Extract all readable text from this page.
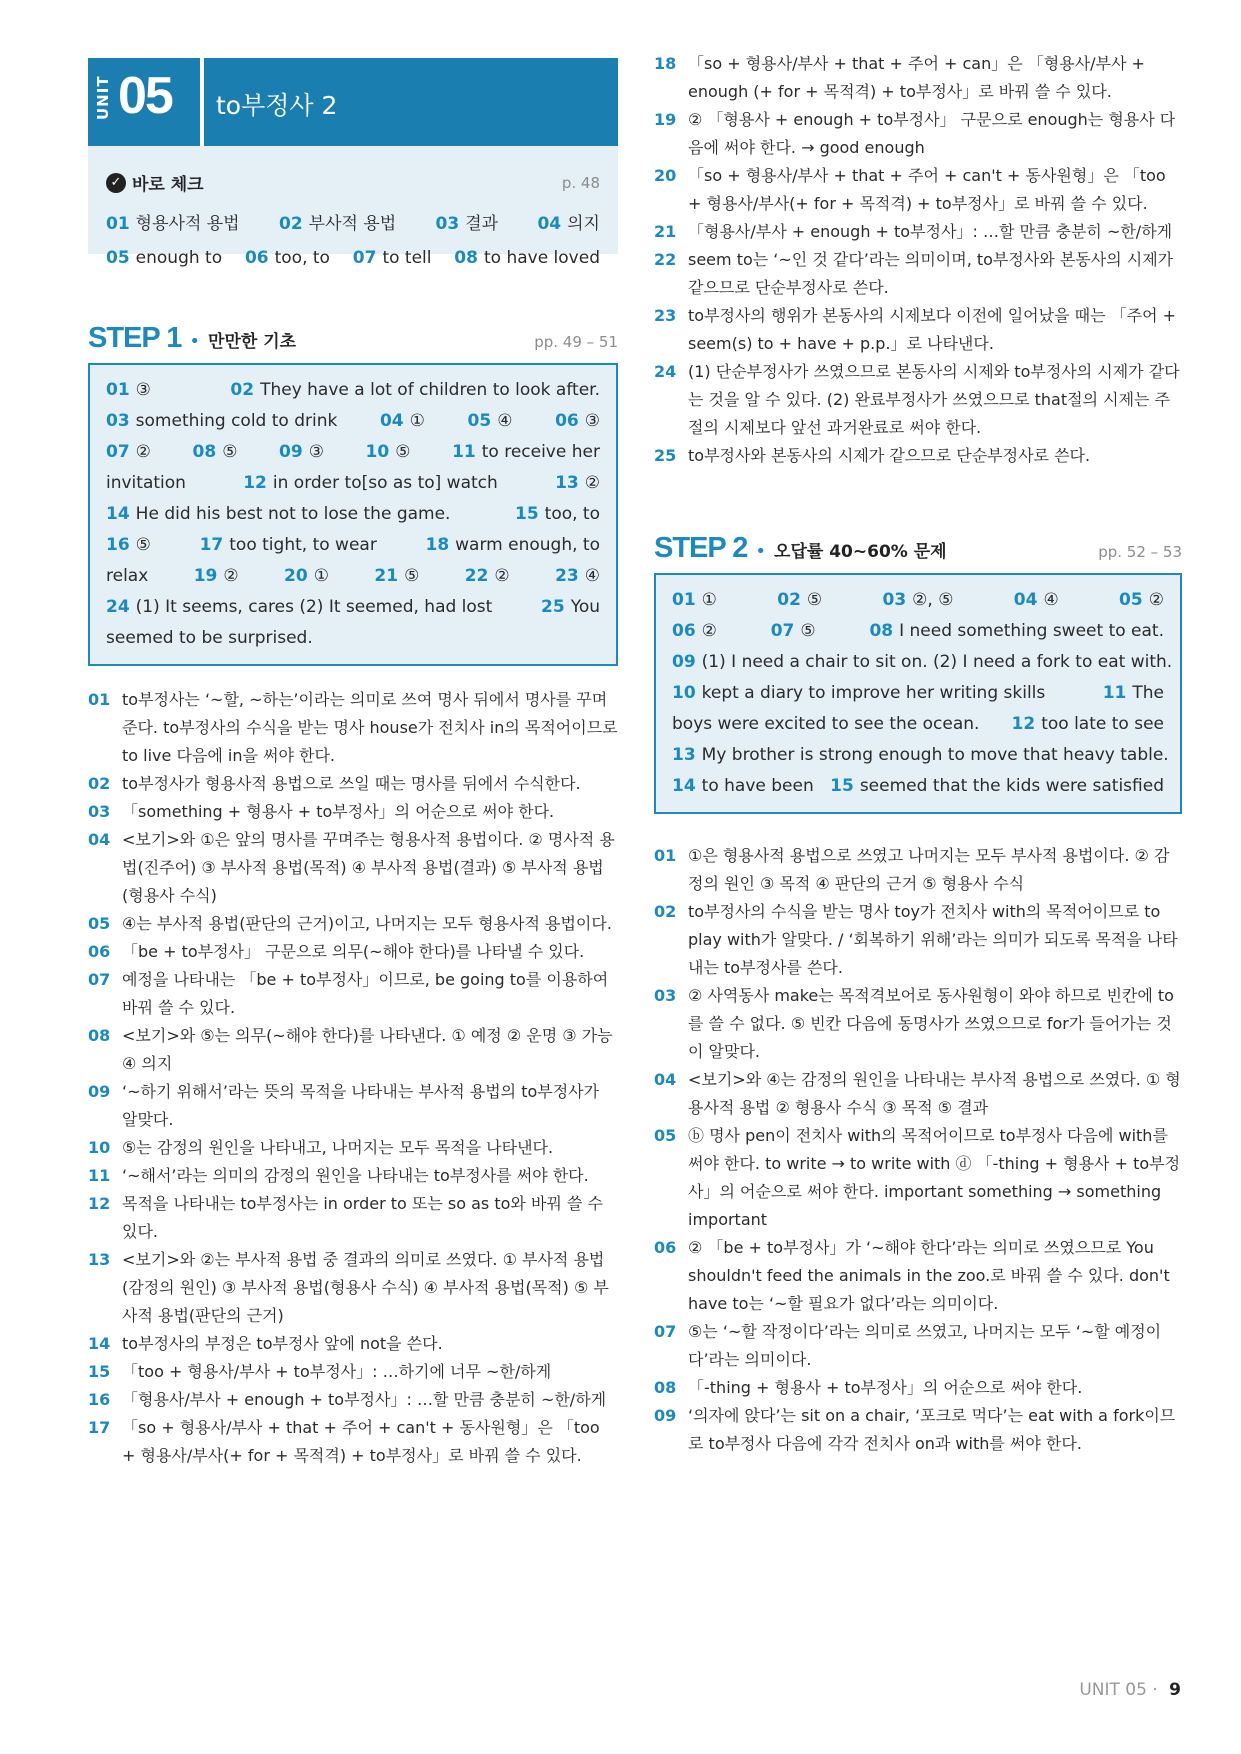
UNIT 05 to부정사 2
✓ 바로 체크	p. 48
01 형용사적 용법 02 부사적 용법 03 결과 04 의지
05 enough to 06 too, to 07 to tell 08 to have loved
STEP 1 • 만만한 기초	pp. 49 – 51
01 ③	02 They have a lot of children to look after.
03 something cold to drink	04 ①	05 ④	06 ③
07 ② 08 ⑤ 09 ③ 10 ⑤ 11 to receive her
invitation	12 in order to[so as to] watch	13 ②
14 He did his best not to lose the game.	15 too, to
16 ⑤	17 too tight, to wear	18 warm enough, to
relax	19 ②	20 ①	21 ⑤	22 ②	23 ④
24 (1) It seems, cares (2) It seemed, had lost	25 You
seemed to be surprised.
01 to부정사는 ‘~할, ~하는’이라는 의미로 쓰여 명사 뒤에서 명사를 꾸며준다. to부정사의 수식을 받는 명사 house가 전치사 in의 목적어이므로 to live 다음에 in을 써야 한다.
02 to부정사가 형용사적 용법으로 쓰일 때는 명사를 뒤에서 수식한다.
03 「something + 형용사 + to부정사」의 어순으로 써야 한다.
04 <보기>와 ①은 앞의 명사를 꾸며주는 형용사적 용법이다. ② 명사적 용법(진주어) ③ 부사적 용법(목적) ④ 부사적 용법(결과) ⑤ 부사적 용법(형용사 수식)
05 ④는 부사적 용법(판단의 근거)이고, 나머지는 모두 형용사적 용법이다.
06 「be + to부정사」 구문으로 의무(~해야 한다)를 나타낼 수 있다.
07 예정을 나타내는 「be + to부정사」이므로, be going to를 이용하여 바꿔 쓸 수 있다.
08 <보기>와 ⑤는 의무(~해야 한다)를 나타낸다. ① 예정 ② 운명 ③ 가능 ④ 의지
09 ‘~하기 위해서’라는 뜻의 목적을 나타내는 부사적 용법의 to부정사가 알맞다.
10 ⑤는 감정의 원인을 나타내고, 나머지는 모두 목적을 나타낸다.
11 ‘~해서’라는 의미의 감정의 원인을 나타내는 to부정사를 써야 한다.
12 목적을 나타내는 to부정사는 in order to 또는 so as to와 바꿔 쓸 수 있다.
13 <보기>와 ②는 부사적 용법 중 결과의 의미로 쓰였다. ① 부사적 용법(감정의 원인) ③ 부사적 용법(형용사 수식) ④ 부사적 용법(목적) ⑤ 부사적 용법(판단의 근거)
14 to부정사의 부정은 to부정사 앞에 not을 쓴다.
15 「too + 형용사/부사 + to부정사」: …하기에 너무 ~한/하게
16 「형용사/부사 + enough + to부정사」: …할 만큼 충분히 ~한/하게
17 「so + 형용사/부사 + that + 주어 + can't + 동사원형」은 「too + 형용사/부사(+ for + 목적격) + to부정사」로 바꿔 쓸 수 있다.
18 「so + 형용사/부사 + that + 주어 + can」은 「형용사/부사 + enough (+ for + 목적격) + to부정사」로 바꿔 쓸 수 있다.
19 ② 「형용사 + enough + to부정사」 구문으로 enough는 형용사 다음에 써야 한다. → good enough
20 「so + 형용사/부사 + that + 주어 + can't + 동사원형」은 「too + 형용사/부사(+ for + 목적격) + to부정사」로 바꿔 쓸 수 있다.
21 「형용사/부사 + enough + to부정사」: …할 만큼 충분히 ~한/하게
22 seem to는 ‘~인 것 같다’라는 의미이며, to부정사와 본동사의 시제가 같으므로 단순부정사로 쓴다.
23 to부정사의 행위가 본동사의 시제보다 이전에 일어났을 때는 「주어 + seem(s) to + have + p.p.」로 나타낸다.
24 (1) 단순부정사가 쓰였으므로 본동사의 시제와 to부정사의 시제가 같다는 것을 알 수 있다. (2) 완료부정사가 쓰였으므로 that절의 시제는 주절의 시제보다 앞선 과거완료로 써야 한다.
25 to부정사와 본동사의 시제가 같으므로 단순부정사로 쓴다.
STEP 2 • 오답률 40~60% 문제	pp. 52 – 53
01 ①	02 ⑤	03 ②, ⑤	04 ④	05 ②
06 ②	07 ⑤	08 I need something sweet to eat.
09 (1) I need a chair to sit on. (2) I need a fork to eat with.
10 kept a diary to improve her writing skills	11 The
boys were excited to see the ocean. 12 too late to see
13 My brother is strong enough to move that heavy table.
14 to have been 15 seemed that the kids were satisfied
01 ①은 형용사적 용법으로 쓰였고 나머지는 모두 부사적 용법이다. ② 감정의 원인 ③ 목적 ④ 판단의 근거 ⑤ 형용사 수식
02 to부정사의 수식을 받는 명사 toy가 전치사 with의 목적어이므로 to play with가 알맞다. / ‘회복하기 위해’라는 의미가 되도록 목적을 나타내는 to부정사를 쓴다.
03 ② 사역동사 make는 목적격보어로 동사원형이 와야 하므로 빈칸에 to를 쓸 수 없다. ⑤ 빈칸 다음에 동명사가 쓰였으므로 for가 들어가는 것이 알맞다.
04 <보기>와 ④는 감정의 원인을 나타내는 부사적 용법으로 쓰였다. ① 형용사적 용법 ② 형용사 수식 ③ 목적 ⑤ 결과
05 ⓑ 명사 pen이 전치사 with의 목적어이므로 to부정사 다음에 with를 써야 한다. to write → to write with ⓓ 「-thing + 형용사 + to부정사」의 어순으로 써야 한다. important something → something important
06 ② 「be + to부정사」가 ‘~해야 한다’라는 의미로 쓰였으므로 You shouldn't feed the animals in the zoo.로 바꿔 쓸 수 있다. don't have to는 ‘~할 필요가 없다’라는 의미이다.
07 ⑤는 ‘~할 작정이다’라는 의미로 쓰였고, 나머지는 모두 ‘~할 예정이다’라는 의미이다.
08 「-thing + 형용사 + to부정사」의 어순으로 써야 한다.
09 ‘의자에 앉다’는 sit on a chair, ‘포크로 먹다’는 eat with a fork이므로 to부정사 다음에 각각 전치사 on과 with를 써야 한다.
UNIT 05 · 9
